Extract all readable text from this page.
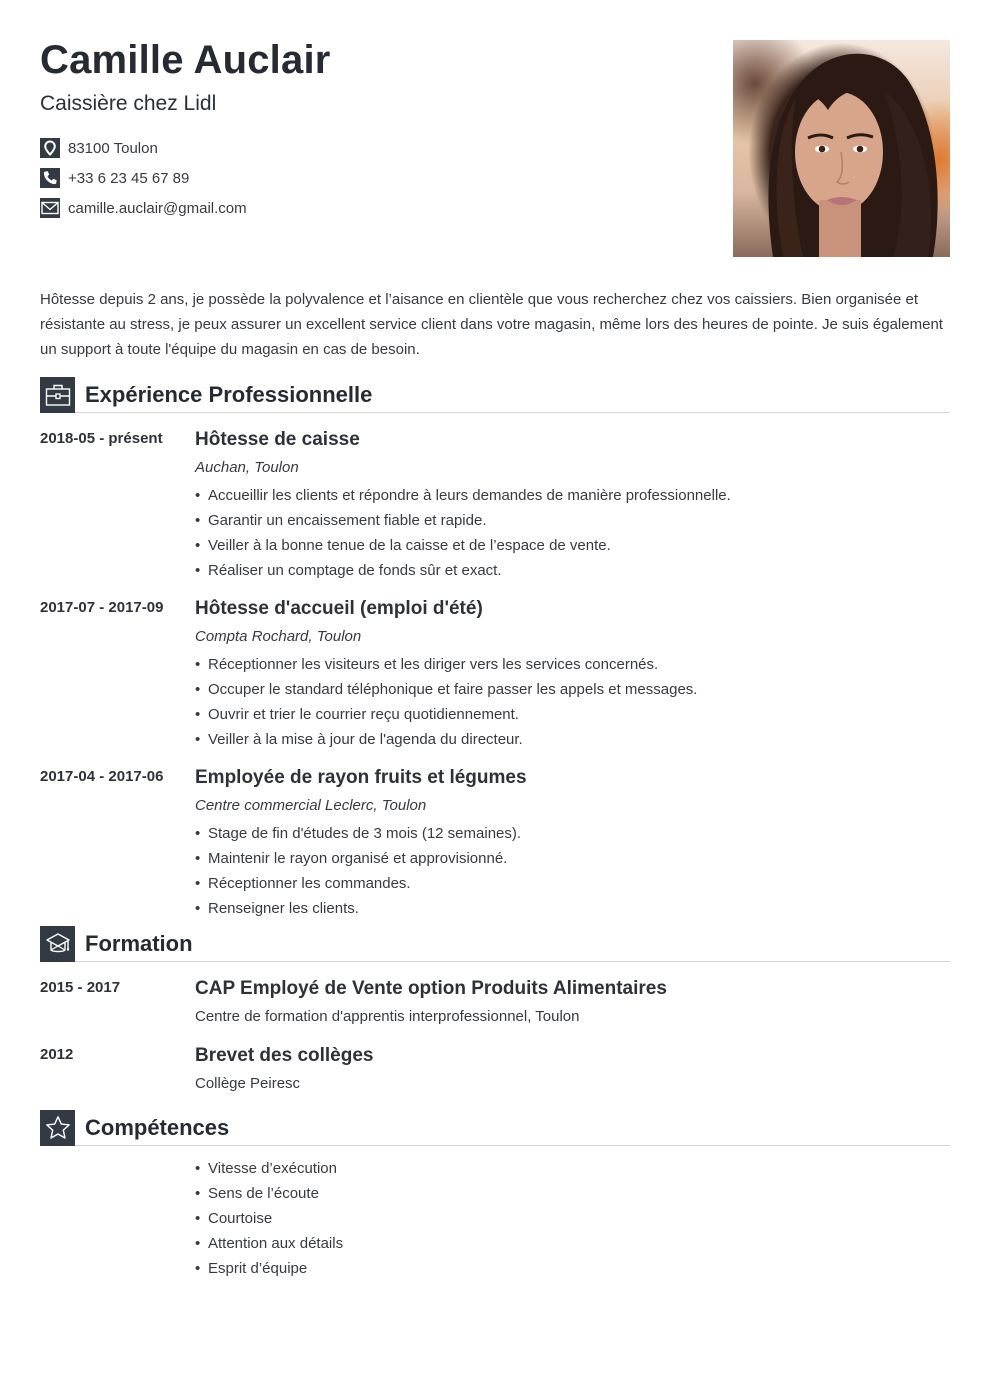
Camille Auclair
Caissière chez Lidl
83100 Toulon
+33 6 23 45 67 89
camille.auclair@gmail.com

Hôtesse depuis 2 ans, je possède la polyvalence et l’aisance en clientèle que vous recherchez chez vos caissiers. Bien organisée et résistante au stress, je peux assurer un excellent service client dans votre magasin, même lors des heures de pointe. Je suis également un support à toute l'équipe du magasin en cas de besoin.

Expérience Professionnelle
2018-05 - présent Hôtesse de caisse
Auchan, Toulon
• Accueillir les clients et répondre à leurs demandes de manière professionnelle.
• Garantir un encaissement fiable et rapide.
• Veiller à la bonne tenue de la caisse et de l’espace de vente.
• Réaliser un comptage de fonds sûr et exact.
2017-07 - 2017-09 Hôtesse d'accueil (emploi d'été)
Compta Rochard, Toulon
• Réceptionner les visiteurs et les diriger vers les services concernés.
• Occuper le standard téléphonique et faire passer les appels et messages.
• Ouvrir et trier le courrier reçu quotidiennement.
• Veiller à la mise à jour de l'agenda du directeur.
2017-04 - 2017-06 Employée de rayon fruits et légumes
Centre commercial Leclerc, Toulon
• Stage de fin d'études de 3 mois (12 semaines).
• Maintenir le rayon organisé et approvisionné.
• Réceptionner les commandes.
• Renseigner les clients.
Formation
2015 - 2017	CAP Employé de Vente option Produits Alimentaires
Centre de formation d'apprentis interprofessionnel, Toulon
2012	Brevet des collèges
Collège Peiresc
Compétences
• Vitesse d’exécution
• Sens de l’écoute
• Courtoise
• Attention aux détails
• Esprit d’équipe
